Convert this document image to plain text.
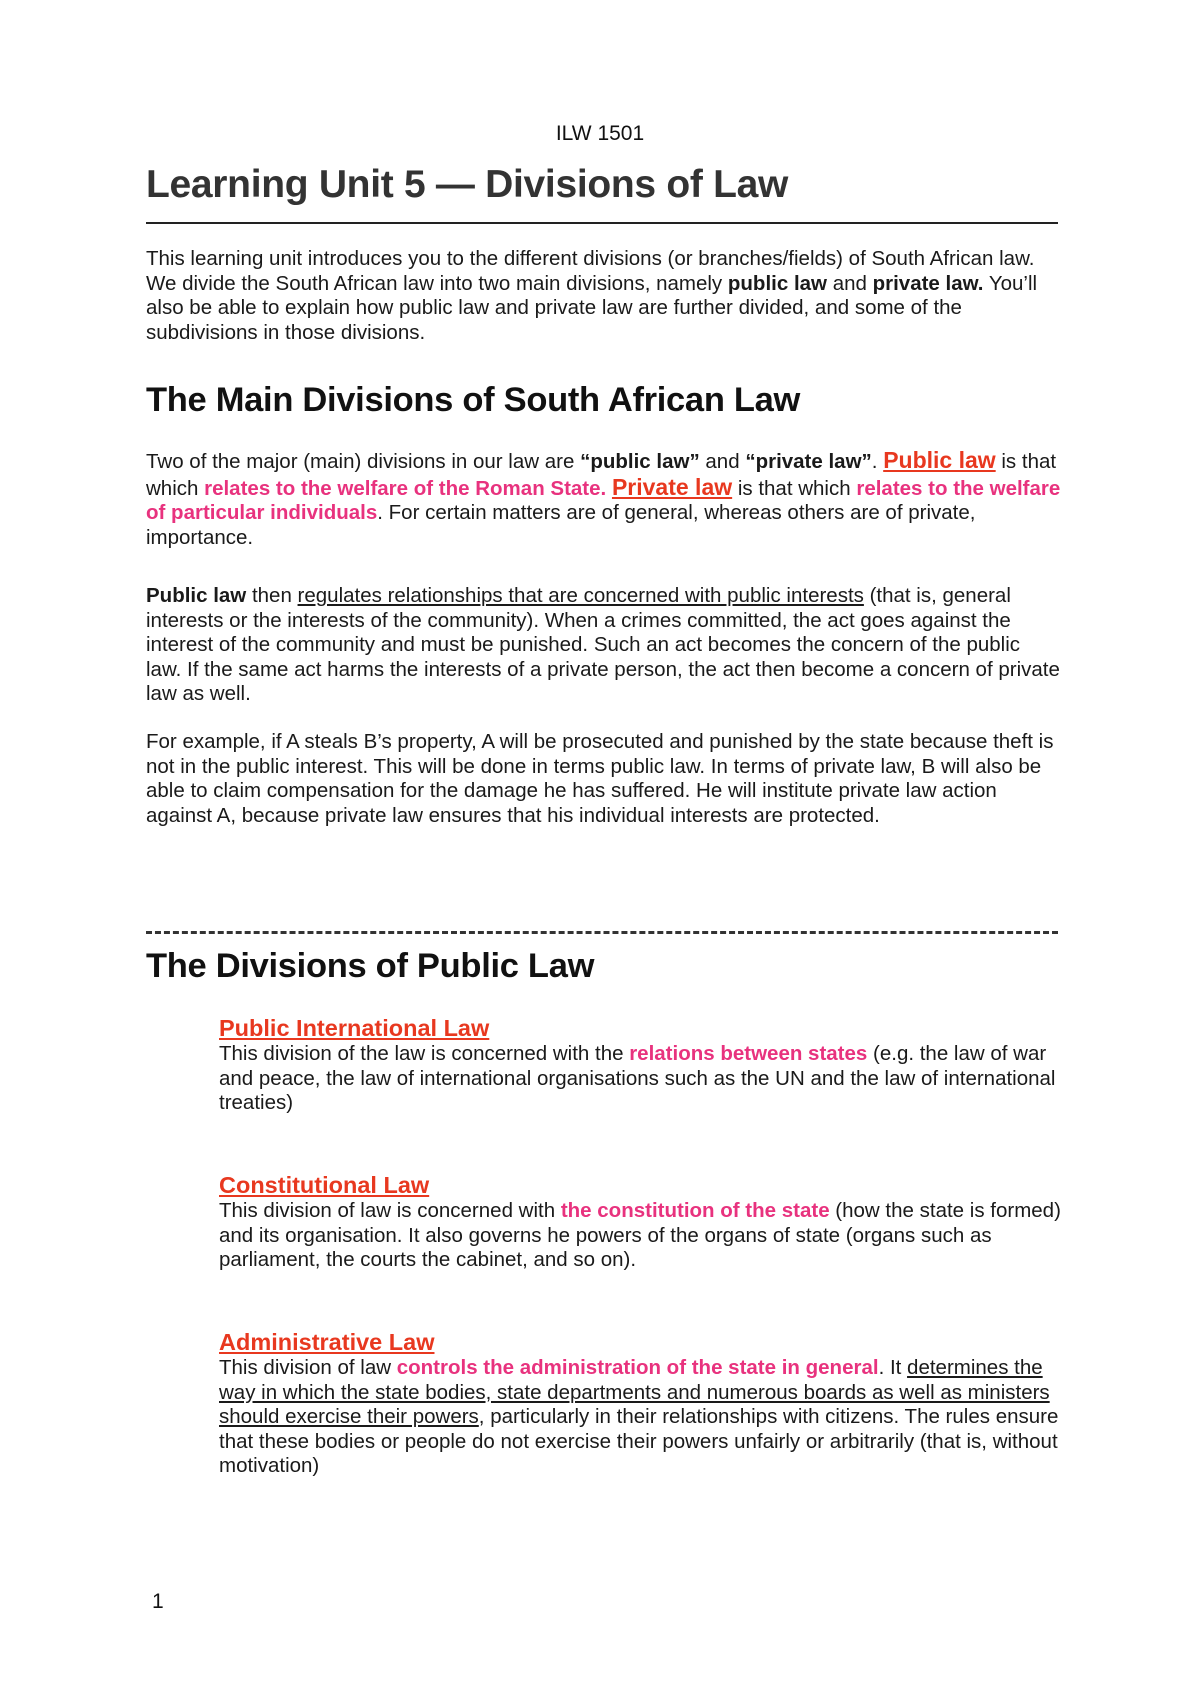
ILW 1501
Learning Unit 5 — Divisions of Law

This learning unit introduces you to the different divisions (or branches/fields) of South African law. We divide the South African law into two main divisions, namely public law and private law. You’ll also be able to explain how public law and private law are further divided, and some of the subdivisions in those divisions.

The Main Divisions of South African Law

Two of the major (main) divisions in our law are “public law” and “private law”. Public law is that which relates to the welfare of the Roman State. Private law is that which relates to the welfare of particular individuals. For certain matters are of general, whereas others are of private, importance.

Public law then regulates relationships that are concerned with public interests (that is, general interests or the interests of the community). When a crimes committed, the act goes against the interest of the community and must be punished. Such an act becomes the concern of the public law. If the same act harms the interests of a private person, the act then become a concern of private law as well.

For example, if A steals B’s property, A will be prosecuted and punished by the state because theft is not in the public interest. This will be done in terms public law. In terms of private law, B will also be able to claim compensation for the damage he has suffered. He will institute private law action against A, because private law ensures that his individual interests are protected.

The Divisions of Public Law
Public International Law

This division of the law is concerned with the relations between states (e.g. the law of war and peace, the law of international organisations such as the UN and the law of international treaties)

Constitutional Law

This division of law is concerned with the constitution of the state (how the state is formed) and its organisation. It also governs he powers of the organs of state (organs such as parliament, the courts the cabinet, and so on).

Administrative Law

This division of law controls the administration of the state in general. It determines the way in which the state bodies, state departments and numerous boards as well as ministers should exercise their powers, particularly in their relationships with citizens. The rules ensure that these bodies or people do not exercise their powers unfairly or arbitrarily (that is, without motivation)

1
